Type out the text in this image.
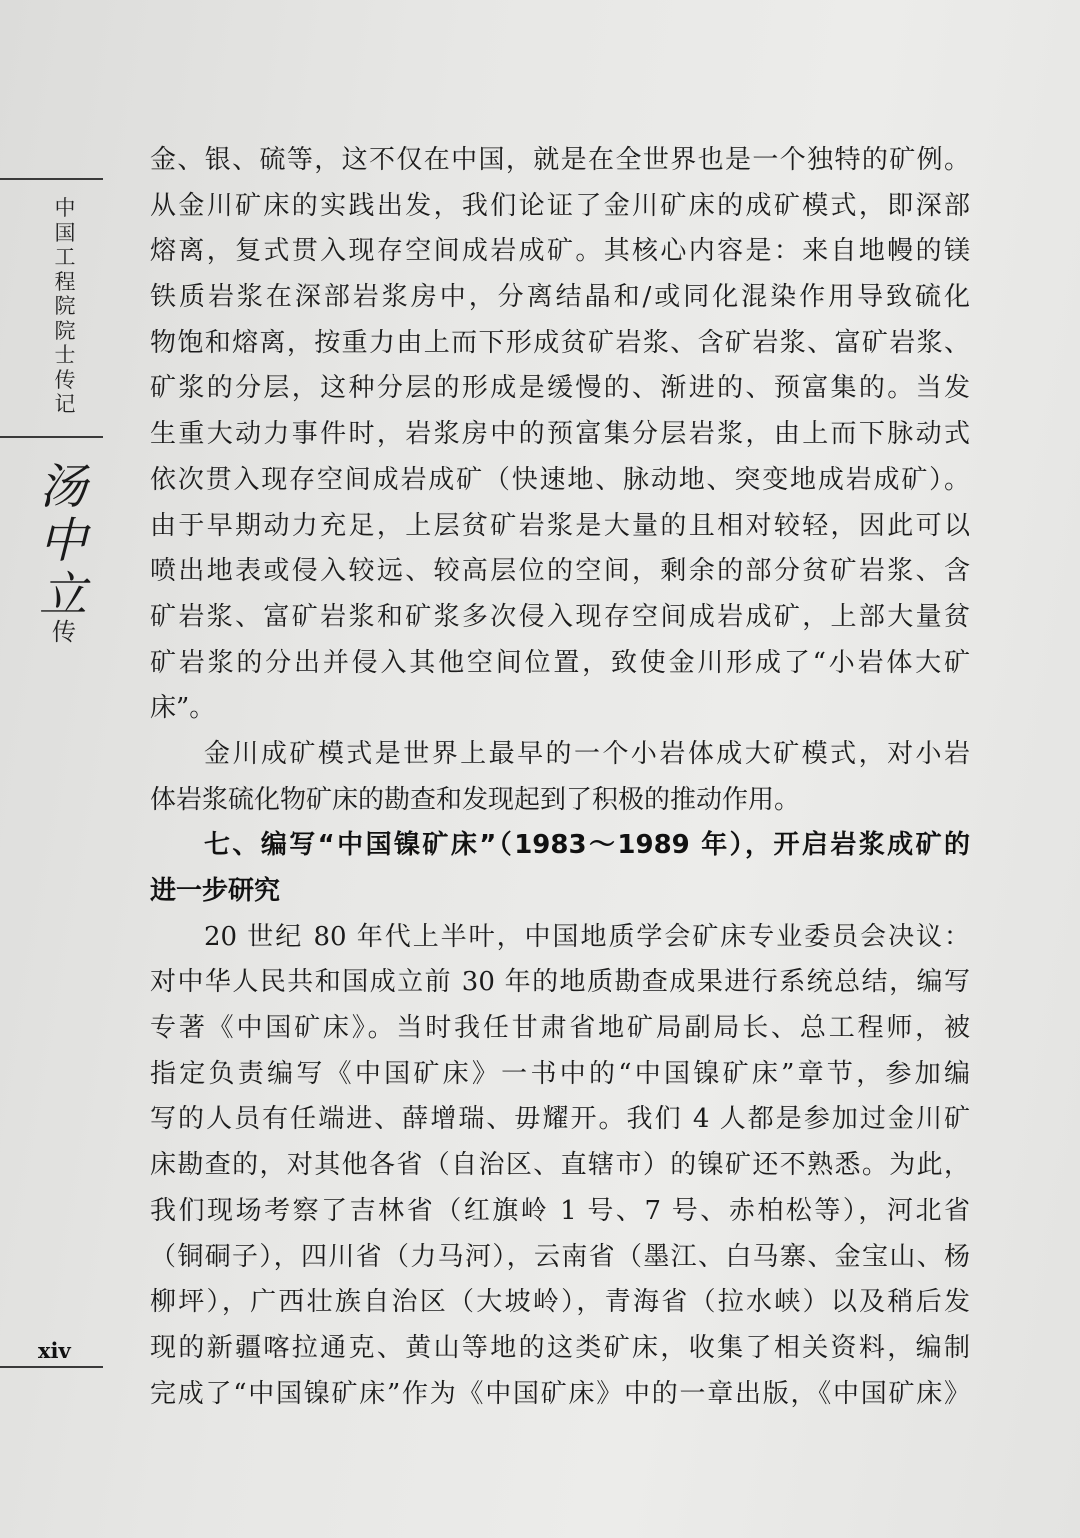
中国工程院院士传记
汤中立
传
xiv
金、银、硫等，这不仅在中国，就是在全世界也是一个独特的矿例。
从金川矿床的实践出发，我们论证了金川矿床的成矿模式，即深部
熔离，复式贯入现存空间成岩成矿。其核心内容是：来自地幔的镁
铁质岩浆在深部岩浆房中，分离结晶和/或同化混染作用导致硫化
物饱和熔离，按重力由上而下形成贫矿岩浆、含矿岩浆、富矿岩浆、
矿浆的分层，这种分层的形成是缓慢的、渐进的、预富集的。当发
生重大动力事件时，岩浆房中的预富集分层岩浆，由上而下脉动式
依次贯入现存空间成岩成矿（快速地、脉动地、突变地成岩成矿）。
由于早期动力充足，上层贫矿岩浆是大量的且相对较轻，因此可以
喷出地表或侵入较远、较高层位的空间，剩余的部分贫矿岩浆、含
矿岩浆、富矿岩浆和矿浆多次侵入现存空间成岩成矿，上部大量贫
矿岩浆的分出并侵入其他空间位置，致使金川形成了“小岩体大矿
床”。
金川成矿模式是世界上最早的一个小岩体成大矿模式，对小岩
体岩浆硫化物矿床的勘查和发现起到了积极的推动作用。
七、编写“中国镍矿床”（1983～1989 年），开启岩浆成矿的
进一步研究
20 世纪 80 年代上半叶，中国地质学会矿床专业委员会决议：
对中华人民共和国成立前 30 年的地质勘查成果进行系统总结，编写
专著《中国矿床》。当时我任甘肃省地矿局副局长、总工程师，被
指定负责编写《中国矿床》一书中的“中国镍矿床”章节，参加编
写的人员有任端进、薛增瑞、毋耀开。我们 4 人都是参加过金川矿
床勘查的，对其他各省（自治区、直辖市）的镍矿还不熟悉。为此，
我们现场考察了吉林省（红旗岭 1 号、7 号、赤柏松等），河北省
（铜硐子），四川省（力马河），云南省（墨江、白马寨、金宝山、杨
柳坪），广西壮族自治区（大坡岭），青海省（拉水峡）以及稍后发
现的新疆喀拉通克、黄山等地的这类矿床，收集了相关资料，编制
完成了“中国镍矿床”作为《中国矿床》中的一章出版，《中国矿床》
